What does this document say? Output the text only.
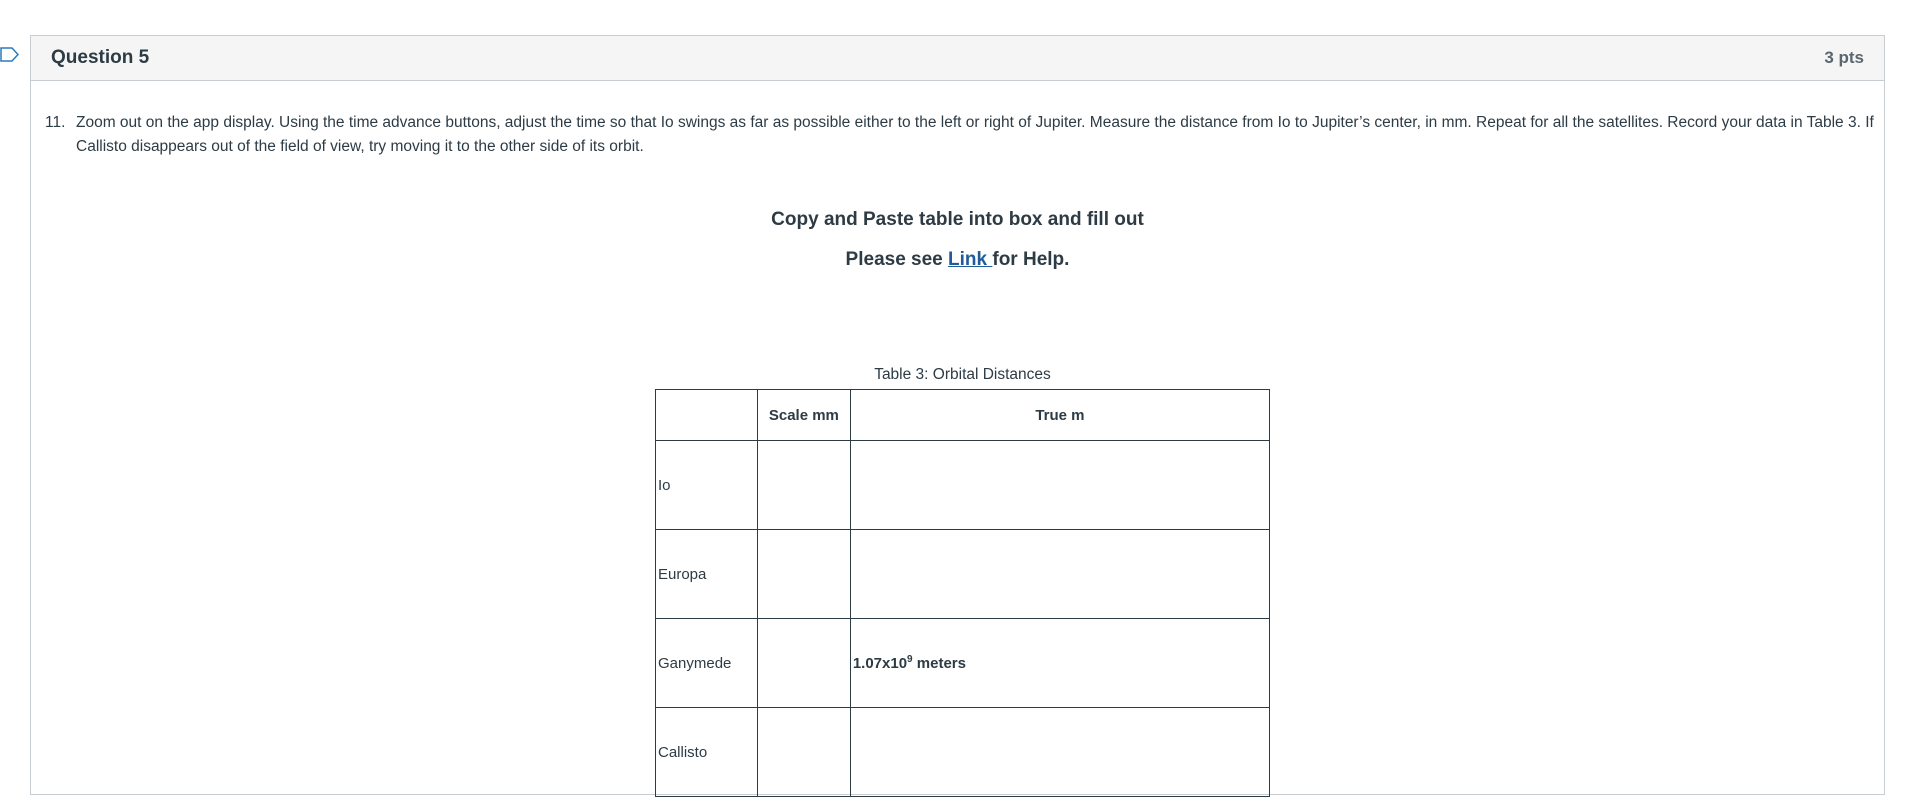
Question 5	3 pts
11. Zoom out on the app display. Using the time advance buttons, adjust the time so that Io swings as far as possible either to the left or right of Jupiter. Measure the distance from Io to Jupiter’s center, in mm. Repeat for all the satellites. Record your data in Table 3. If Callisto disappears out of the field of view, try moving it to the other side of its orbit.
Copy and Paste table into box and fill out
Please see Link for Help.
Table 3: Orbital Distances
	Scale mm	True m
Io		
Europa		
Ganymede		$1.07x10^9$ meters
Callisto		
